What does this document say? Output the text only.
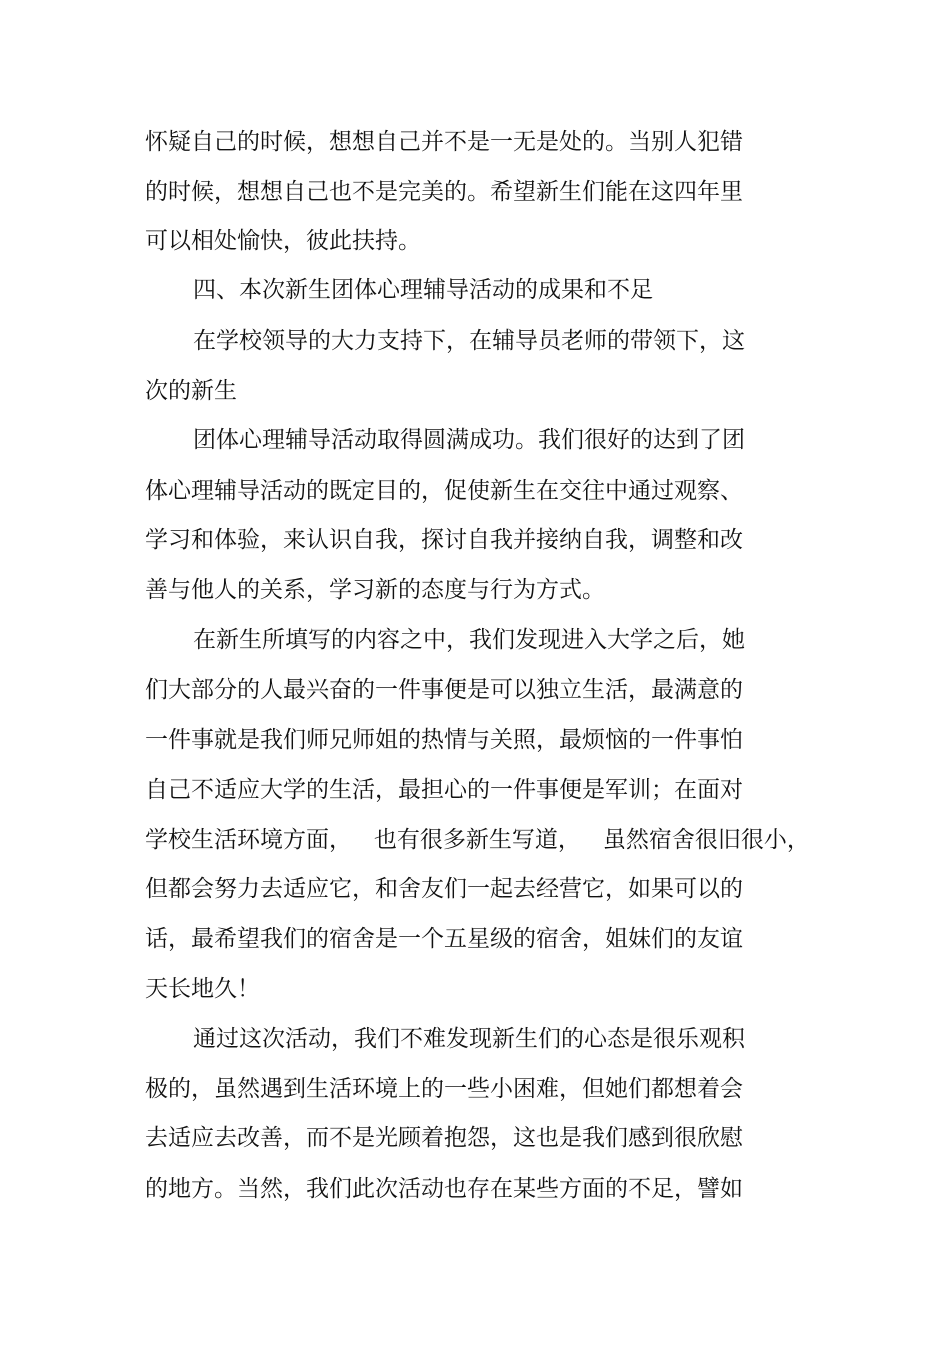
怀疑自己的时候，想想自己并不是一无是处的。当别人犯错

的时候，想想自己也不是完美的。希望新生们能在这四年里

可以相处愉快，彼此扶持。

四、本次新生团体心理辅导活动的成果和不足

在学校领导的大力支持下，在辅导员老师的带领下，这

次的新生

团体心理辅导活动取得圆满成功。我们很好的达到了团

体心理辅导活动的既定目的，促使新生在交往中通过观察、

学习和体验，来认识自我，探讨自我并接纳自我，调整和改

善与他人的关系，学习新的态度与行为方式。

在新生所填写的内容之中，我们发现进入大学之后，她

们大部分的人最兴奋的一件事便是可以独立生活，最满意的

一件事就是我们师兄师姐的热情与关照，最烦恼的一件事怕

自己不适应大学的生活，最担心的一件事便是军训；在面对

学校生活环境方面，   也有很多新生写道，   虽然宿舍很旧很小，

但都会努力去适应它，和舍友们一起去经营它，如果可以的

话，最希望我们的宿舍是一个五星级的宿舍，姐妹们的友谊

天长地久！

通过这次活动，我们不难发现新生们的心态是很乐观积

极的，虽然遇到生活环境上的一些小困难，但她们都想着会

去适应去改善，而不是光顾着抱怨，这也是我们感到很欣慰

的地方。当然，我们此次活动也存在某些方面的不足，譬如
